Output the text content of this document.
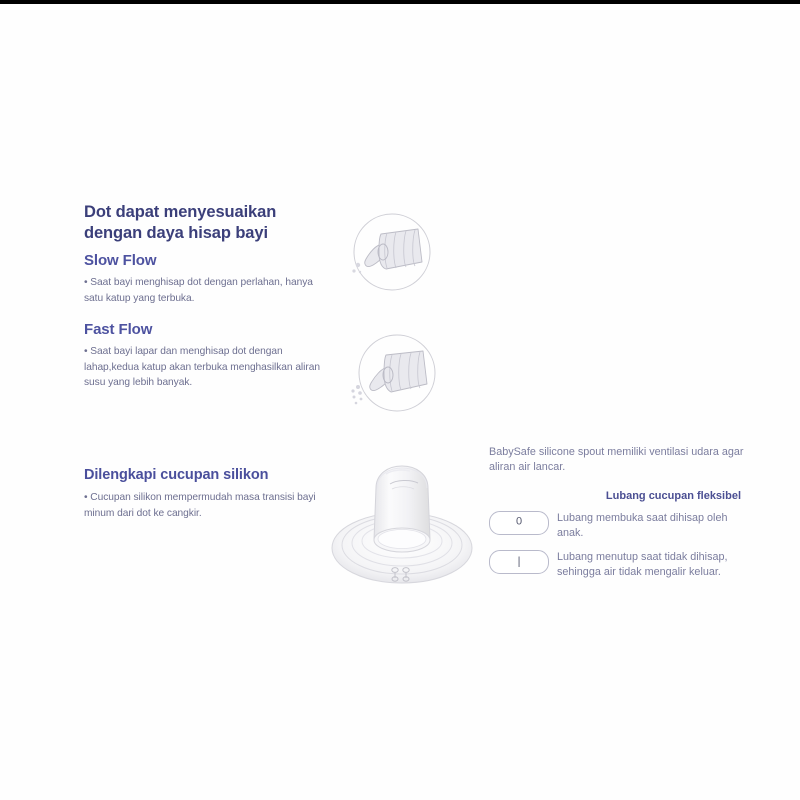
Dot dapat menyesuaikan dengan daya hisap bayi

Slow Flow

• Saat bayi menghisap dot dengan perlahan, hanya satu katup yang terbuka.

Fast Flow

• Saat bayi lapar dan menghisap dot dengan lahap,kedua katup akan terbuka menghasilkan aliran susu yang lebih banyak.

Dilengkapi cucupan silikon

• Cucupan silikon mempermudah masa transisi bayi minum dari dot ke cangkir.

BabySafe silicone spout memiliki ventilasi udara agar aliran air lancar.

Lubang cucupan fleksibel

0	Lubang membuka saat dihisap oleh anak.
|	Lubang menutup saat tidak dihisap, sehingga air tidak mengalir keluar.
